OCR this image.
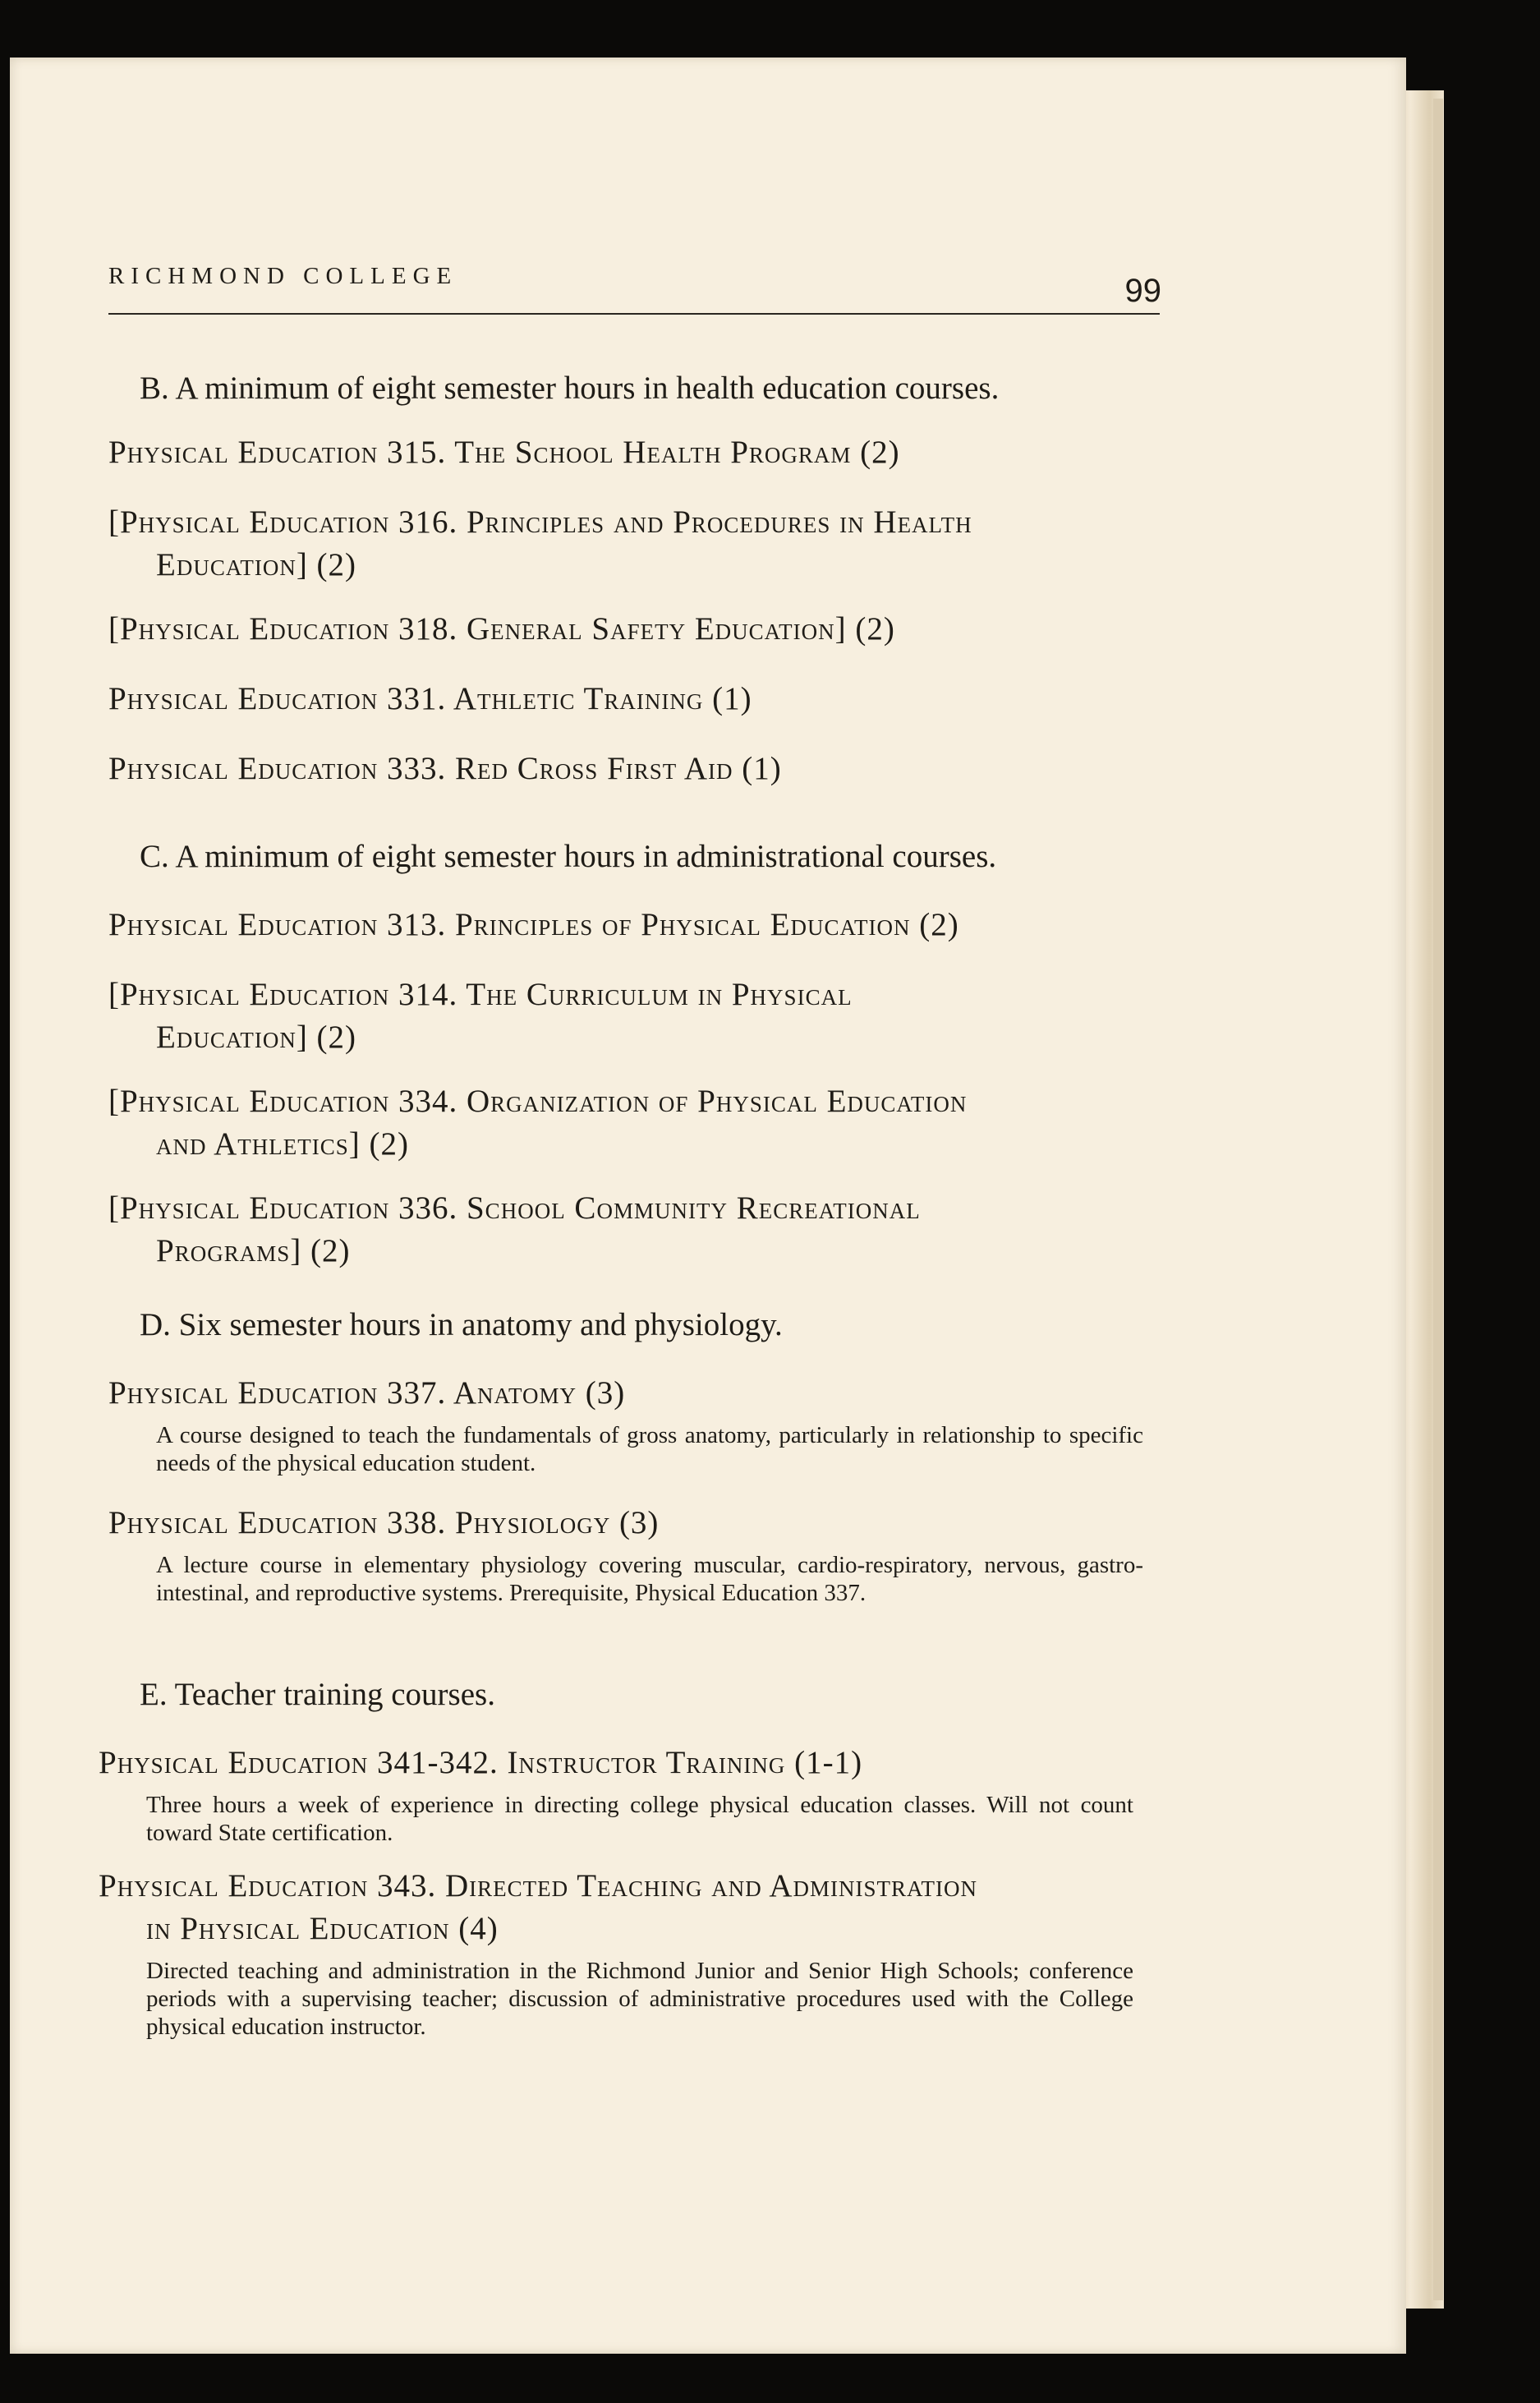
RICHMOND COLLEGE	99
B. A minimum of eight semester hours in health education courses.
Physical Education 315. The School Health Program (2)
[Physical Education 316. Principles and Procedures in Health
Education] (2)
[Physical Education 318. General Safety Education] (2)
Physical Education 331. Athletic Training (1)
Physical Education 333. Red Cross First Aid (1)
C. A minimum of eight semester hours in administrational courses.
Physical Education 313. Principles of Physical Education (2)
[Physical Education 314. The Curriculum in Physical
Education] (2)
[Physical Education 334. Organization of Physical Education
and Athletics] (2)
[Physical Education 336. School Community Recreational
Programs] (2)
D. Six semester hours in anatomy and physiology.
Physical Education 337. Anatomy (3)
A course designed to teach the fundamentals of gross anatomy, particularly in relationship to specific needs of the physical education student.
Physical Education 338. Physiology (3)
A lecture course in elementary physiology covering muscular, cardio-respiratory, nervous, gastro-intestinal, and reproductive systems. Prerequisite, Physical Education 337.
E. Teacher training courses.
Physical Education 341-342. Instructor Training (1-1)
Three hours a week of experience in directing college physical education classes. Will not count toward State certification.
Physical Education 343. Directed Teaching and Administration
in Physical Education (4)
Directed teaching and administration in the Richmond Junior and Senior High Schools; conference periods with a supervising teacher; discussion of administrative procedures used with the College physical education instructor.
